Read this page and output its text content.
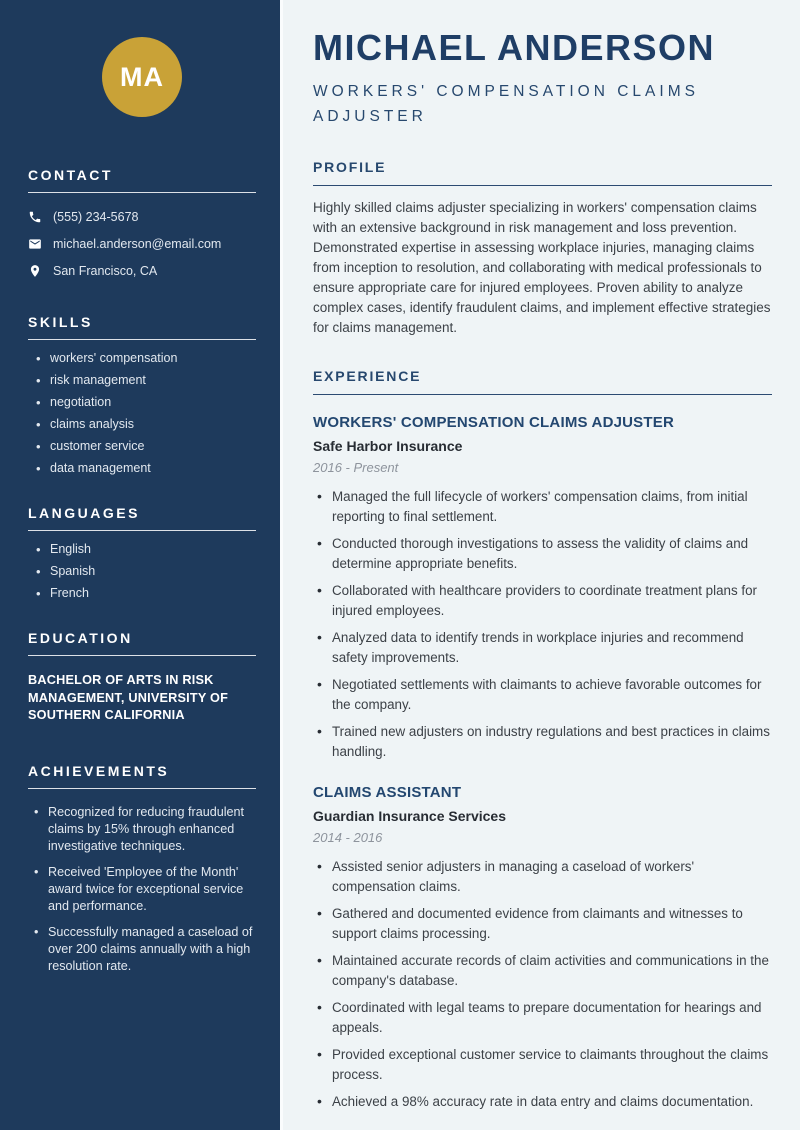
MA
CONTACT
(555) 234-5678
michael.anderson@email.com
San Francisco, CA
SKILLS
• workers' compensation
• risk management
• negotiation
• claims analysis
• customer service
• data management
LANGUAGES
• English
• Spanish
• French
EDUCATION
BACHELOR OF ARTS IN RISK MANAGEMENT, UNIVERSITY OF SOUTHERN CALIFORNIA
ACHIEVEMENTS
• Recognized for reducing fraudulent claims by 15% through enhanced investigative techniques.
• Received 'Employee of the Month' award twice for exceptional service and performance.
• Successfully managed a caseload of over 200 claims annually with a high resolution rate.
MICHAEL ANDERSON
WORKERS' COMPENSATION CLAIMS ADJUSTER
PROFILE

Highly skilled claims adjuster specializing in workers' compensation claims with an extensive background in risk management and loss prevention. Demonstrated expertise in assessing workplace injuries, managing claims from inception to resolution, and collaborating with medical professionals to ensure appropriate care for injured employees. Proven ability to analyze complex cases, identify fraudulent claims, and implement effective strategies for claims management.

EXPERIENCE
WORKERS' COMPENSATION CLAIMS ADJUSTER
Safe Harbor Insurance
2016 - Present
• Managed the full lifecycle of workers' compensation claims, from initial reporting to final settlement.
• Conducted thorough investigations to assess the validity of claims and determine appropriate benefits.
• Collaborated with healthcare providers to coordinate treatment plans for injured employees.
• Analyzed data to identify trends in workplace injuries and recommend safety improvements.
• Negotiated settlements with claimants to achieve favorable outcomes for the company.
• Trained new adjusters on industry regulations and best practices in claims handling.
CLAIMS ASSISTANT
Guardian Insurance Services
2014 - 2016
• Assisted senior adjusters in managing a caseload of workers' compensation claims.
• Gathered and documented evidence from claimants and witnesses to support claims processing.
• Maintained accurate records of claim activities and communications in the company's database.
• Coordinated with legal teams to prepare documentation for hearings and appeals.
• Provided exceptional customer service to claimants throughout the claims process.
• Achieved a 98% accuracy rate in data entry and claims documentation.
